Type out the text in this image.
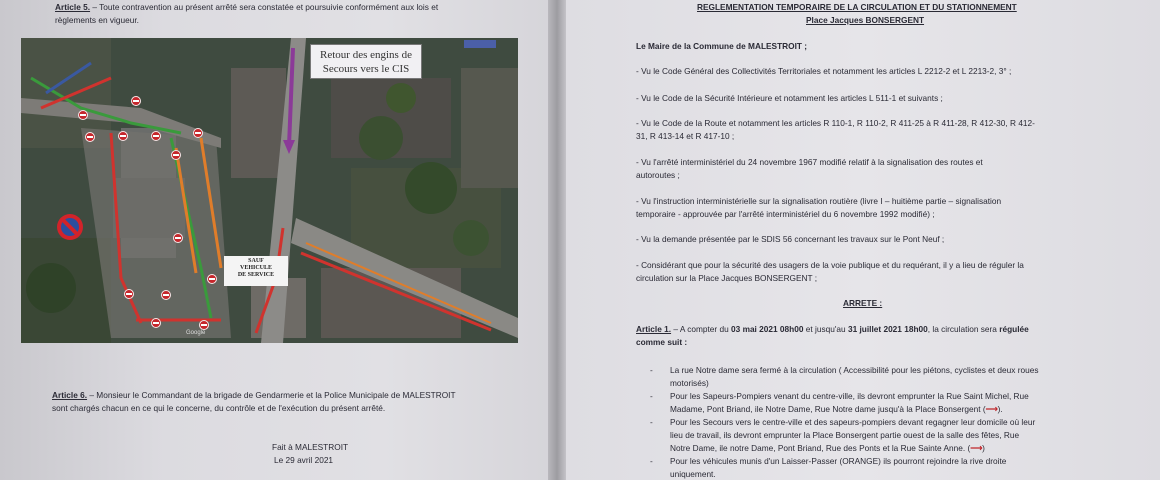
Article 5. – Toute contravention au présent arrêté sera constatée et poursuivie conformément aux lois et

règlements en vigueur.

Retour des engins de
Secours vers le CIS
SAUF
VEHICULE
DE SERVICE
Google

Article 6. – Monsieur le Commandant de la brigade de Gendarmerie et la Police Municipale de MALESTROIT

sont chargés chacun en ce qui le concerne, du contrôle et de l'exécution du présent arrêté.

Fait à MALESTROIT

Le 29 avril 2021

REGLEMENTATION TEMPORAIRE DE LA CIRCULATION ET DU STATIONNEMENT

Place Jacques BONSERGENT

Le Maire de la Commune de MALESTROIT ;

- Vu le Code Général des Collectivités Territoriales et notamment les articles L 2212-2 et L 2213-2, 3° ;

- Vu le Code de la Sécurité Intérieure et notamment les articles L 511-1 et suivants ;

- Vu le Code de la Route et notamment les articles R 110-1, R 110-2, R 411-25 à R 411-28, R 412-30, R 412-

31, R 413-14 et R 417-10 ;

- Vu l'arrêté interministériel du 24 novembre 1967 modifié relatif à la signalisation des routes et

autoroutes ;

- Vu l'instruction interministérielle sur la signalisation routière (livre I – huitième partie – signalisation

temporaire - approuvée par l'arrêté interministériel du 6 novembre 1992 modifié) ;

- Vu la demande présentée par le SDIS 56 concernant les travaux sur le Pont Neuf ;

- Considérant que pour la sécurité des usagers de la voie publique et du requérant, il y a lieu de réguler la

circulation sur la Place Jacques BONSERGENT ;

ARRETE :

Article 1. – A compter du 03 mai 2021 08h00 et jusqu'au 31 juillet 2021 18h00, la circulation sera régulée

comme suit :

- La rue Notre dame sera fermé à la circulation ( Accessibilité pour les piétons, cyclistes et deux roues

motorisés)

- Pour les Sapeurs-Pompiers venant du centre-ville, ils devront emprunter la Rue Saint Michel, Rue

Madame, Pont Briand, ile Notre Dame, Rue Notre dame jusqu'à la Place Bonsergent (⟶).

- Pour les Secours vers le centre-ville et des sapeurs-pompiers devant regagner leur domicile où leur

lieu de travail, ils devront emprunter la Place Bonsergent partie ouest de la salle des fêtes, Rue

Notre Dame, ile notre Dame, Pont Briand, Rue des Ponts et la Rue Sainte Anne. (⟶)

- Pour les véhicules munis d'un Laisser-Passer (ORANGE) ils pourront rejoindre la rive droite

uniquement.
